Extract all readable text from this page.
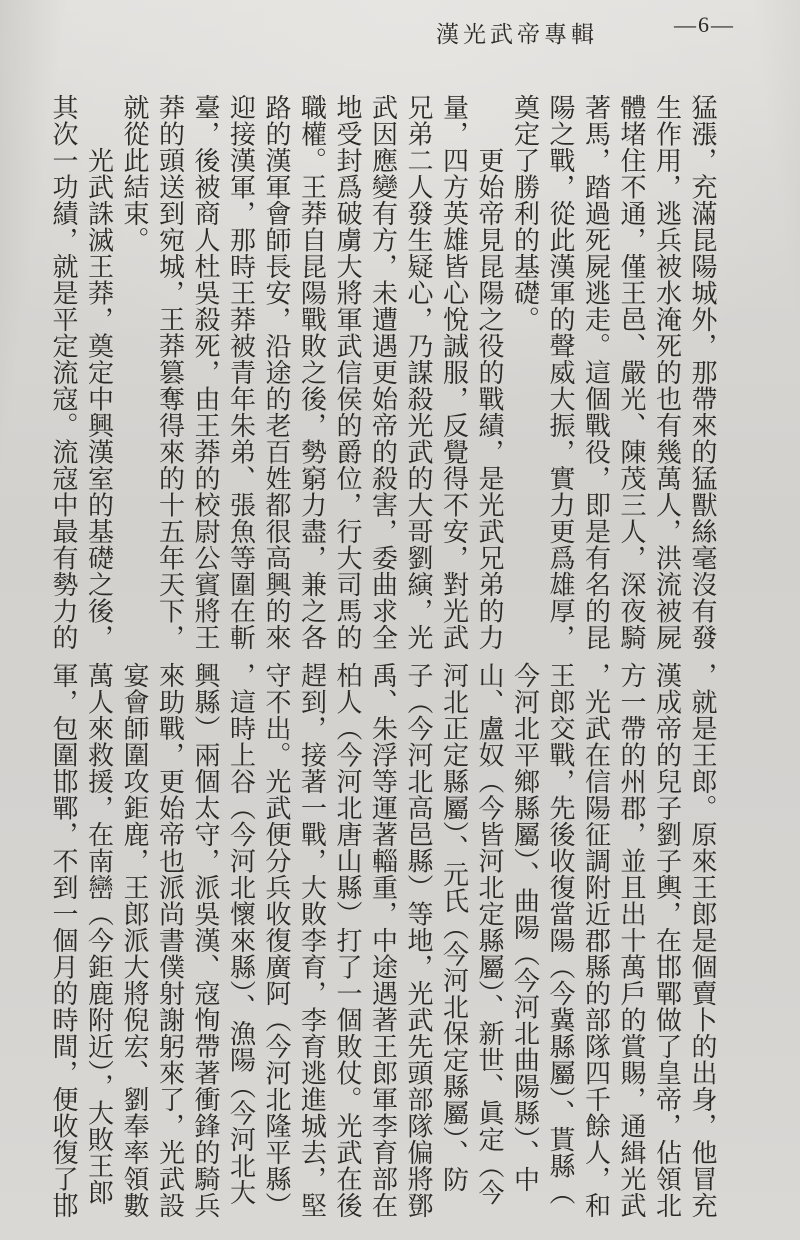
漢光武帝專輯	—6—
猛漲，充滿昆陽城外，那帶來的猛獸絲毫沒有發
生作用，逃兵被水淹死的也有幾萬人，洪流被屍
體堵住不通，僅王邑、嚴光、陳茂三人，深夜騎
著馬，踏過死屍逃走。這個戰役，即是有名的昆
陽之戰，從此漢軍的聲威大振，實力更爲雄厚，
奠定了勝利的基礎。
　　更始帝見昆陽之役的戰績，是光武兄弟的力
量，四方英雄皆心悅誠服，反覺得不安，對光武
兄弟二人發生疑心，乃謀殺光武的大哥劉縯，光
武因應變有方，未遭遇更始帝的殺害，委曲求全
地受封爲破虜大將軍武信侯的爵位，行大司馬的
職權。王莽自昆陽戰敗之後，勢窮力盡，兼之各
路的漢軍會師長安，沿途的老百姓都很高興的來
迎接漢軍，那時王莽被青年朱弟、張魚等圍在斬
臺，後被商人杜吳殺死，由王莽的校尉公賓將王
莽的頭送到宛城，王莽篡奪得來的十五年天下，
就從此結束。
　　光武誅滅王莽，奠定中興漢室的基礎之後，
其次一功績，就是平定流寇。流寇中最有勢力的
，就是王郎。原來王郎是個賣卜的出身，他冒充
漢成帝的兒子劉子輿，在邯鄲做了皇帝，佔領北
方一帶的州郡，並且出十萬戶的賞賜，通緝光武
，光武在信陽征調附近郡縣的部隊四千餘人，和
王郎交戰，先後收復當陽（今冀縣屬）、貰縣（
今河北平鄉縣屬）、曲陽（今河北曲陽縣）、中
山、盧奴（今皆河北定縣屬）、新世、眞定（今
河北正定縣屬）、元氏（今河北保定縣屬）、防
子（今河北高邑縣）等地，光武先頭部隊偏將鄧
禹、朱浮等運著輜重，中途遇著王郎軍李育部在
柏人（今河北唐山縣）打了一個敗仗。光武在後
趕到，接著一戰，大敗李育，李育逃進城去，堅
守不出。光武便分兵收復廣阿（今河北隆平縣）
，這時上谷（今河北懷來縣）、漁陽（今河北大
興縣）兩個太守，派吳漢、寇恂帶著衝鋒的騎兵
來助戰，更始帝也派尚書僕射謝躬來了，光武設
宴會師圍攻鉅鹿，王郎派大將倪宏、劉奉率領數
萬人來救援，在南巒（今鉅鹿附近），大敗王郎
軍，包圍邯鄲，不到一個月的時間，便收復了邯
